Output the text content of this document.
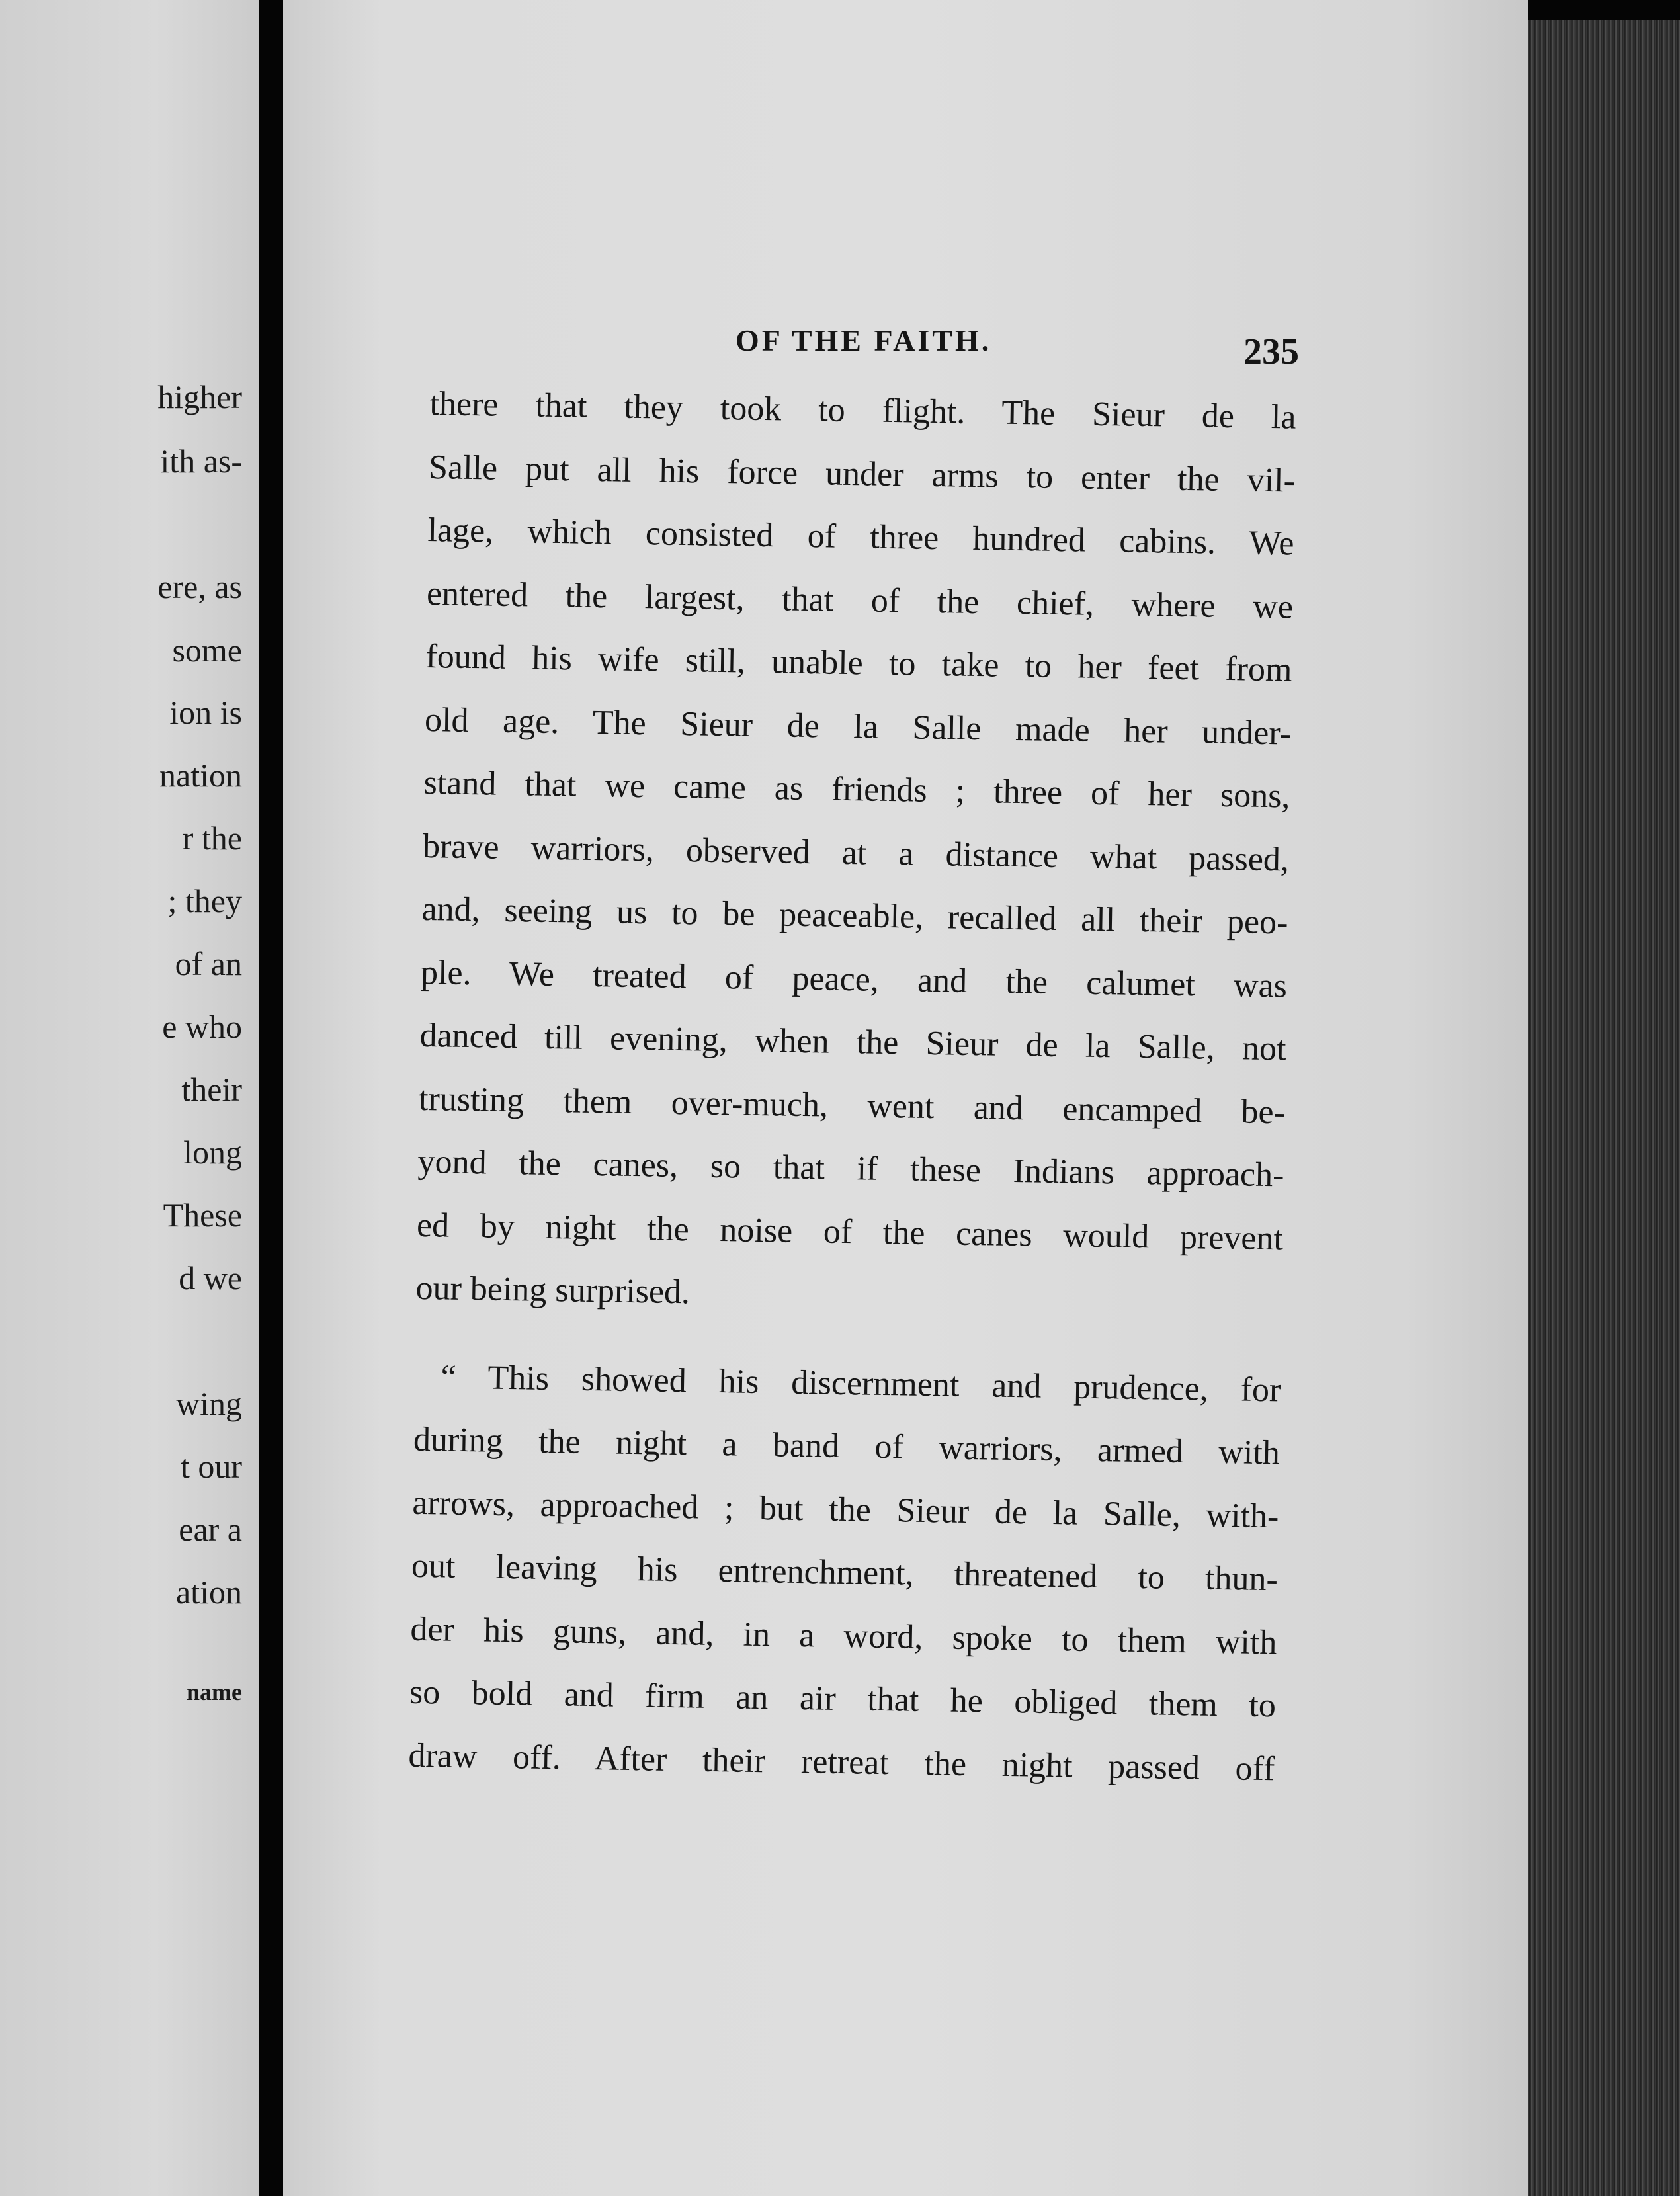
higher
ith as-
ere, as
some
ion is
nation
r the
; they
of an
e who
their
long
These
d we
wing
t our
ear a
ation
name
OF THE FAITH.	235
there that they took to flight. The Sieur de la
Salle put all his force under arms to enter the vil-
lage, which consisted of three hundred cabins. We
entered the largest, that of the chief, where we
found his wife still, unable to take to her feet from
old age. The Sieur de la Salle made her under-
stand that we came as friends ; three of her sons,
brave warriors, observed at a distance what passed,
and, seeing us to be peaceable, recalled all their peo-
ple. We treated of peace, and the calumet was
danced till evening, when the Sieur de la Salle, not
trusting them over-much, went and encamped be-
yond the canes, so that if these Indians approach-
ed by night the noise of the canes would prevent
our being surprised.
“ This showed his discernment and prudence, for
during the night a band of warriors, armed with
arrows, approached ; but the Sieur de la Salle, with-
out leaving his entrenchment, threatened to thun-
der his guns, and, in a word, spoke to them with
so bold and firm an air that he obliged them to
draw off. After their retreat the night passed off
